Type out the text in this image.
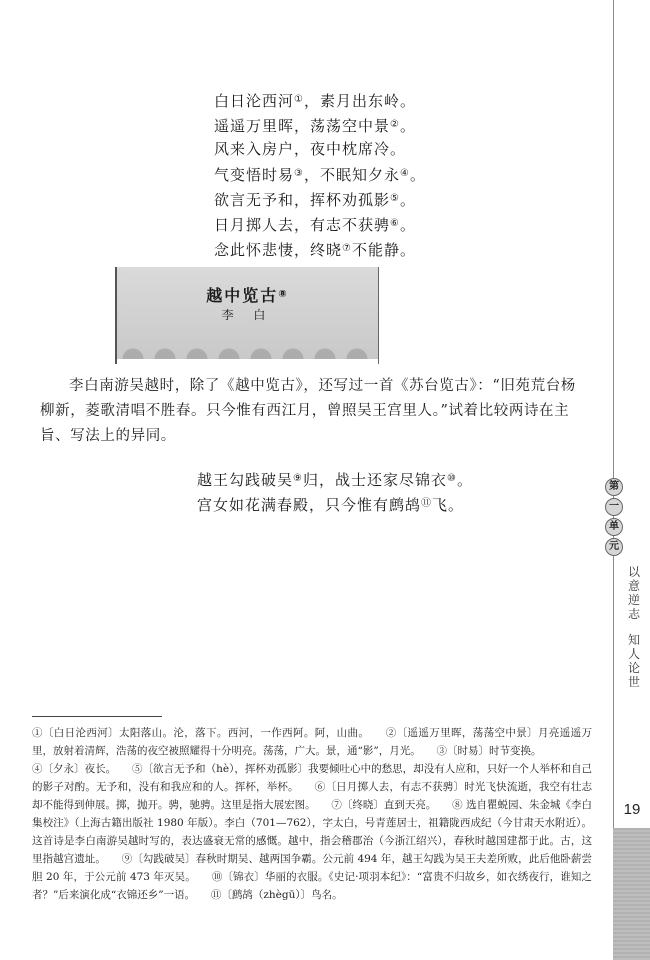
白日沦西河①，素月出东岭。
遥遥万里晖，荡荡空中景②。
风来入房户，夜中枕席冷。
气变悟时易③，不眠知夕永④。
欲言无予和，挥杯劝孤影⑤。
日月掷人去，有志不获骋⑥。
念此怀悲悽，终晓⑦不能静。
越中览古⑧
李 白

李白南游吴越时，除了《越中览古》，还写过一首《苏台览古》：“旧苑荒台杨柳新，菱歌清唱不胜春。只今惟有西江月，曾照吴王宫里人。”试着比较两诗在主旨、写法上的异同。

越王勾践破吴⑨归，战士还家尽锦衣⑩。
宫女如花满春殿，只今惟有鹧鸪⑪飞。
第
一
单
元
以
意
逆
志
知
人
论
世
19

①〔白日沦西河〕太阳落山。沦，落下。西河，一作西阿。阿，山曲。　　②〔遥遥万里晖，荡荡空中景〕月亮遥遥万里，放射着清辉，浩荡的夜空被照耀得十分明亮。荡荡，广大。景，通“影”，月光。　　③〔时易〕时节变换。

④〔夕永〕夜长。　　⑤〔欲言无予和（hè），挥杯劝孤影〕我要倾吐心中的愁思，却没有人应和，只好一个人举杯和自己的影子对酌。无予和，没有和我应和的人。挥杯，举杯。　　⑥〔日月掷人去，有志不获骋〕时光飞快流逝，我空有壮志却不能得到伸展。掷，抛开。骋，驰骋。这里是指大展宏图。　　⑦〔终晓〕直到天亮。　　⑧ 选自瞿蜕园、朱金城《李白集校注》（上海古籍出版社 1980 年版）。李白（701—762），字太白，号青莲居士，祖籍陇西成纪（今甘肃天水附近）。这首诗是李白南游吴越时写的，表达盛衰无常的感慨。越中，指会稽郡治（今浙江绍兴），春秋时越国建都于此。古，这里指越宫遗址。　　⑨〔勾践破吴〕春秋时期吴、越两国争霸。公元前 494 年，越王勾践为吴王夫差所败，此后他卧薪尝胆 20 年，于公元前 473 年灭吴。　　⑩〔锦衣〕华丽的衣服。《史记·项羽本纪》：“富贵不归故乡，如衣绣夜行，谁知之者？”后来演化成“衣锦还乡”一语。　　⑪〔鹧鸪（zhègū）〕鸟名。
